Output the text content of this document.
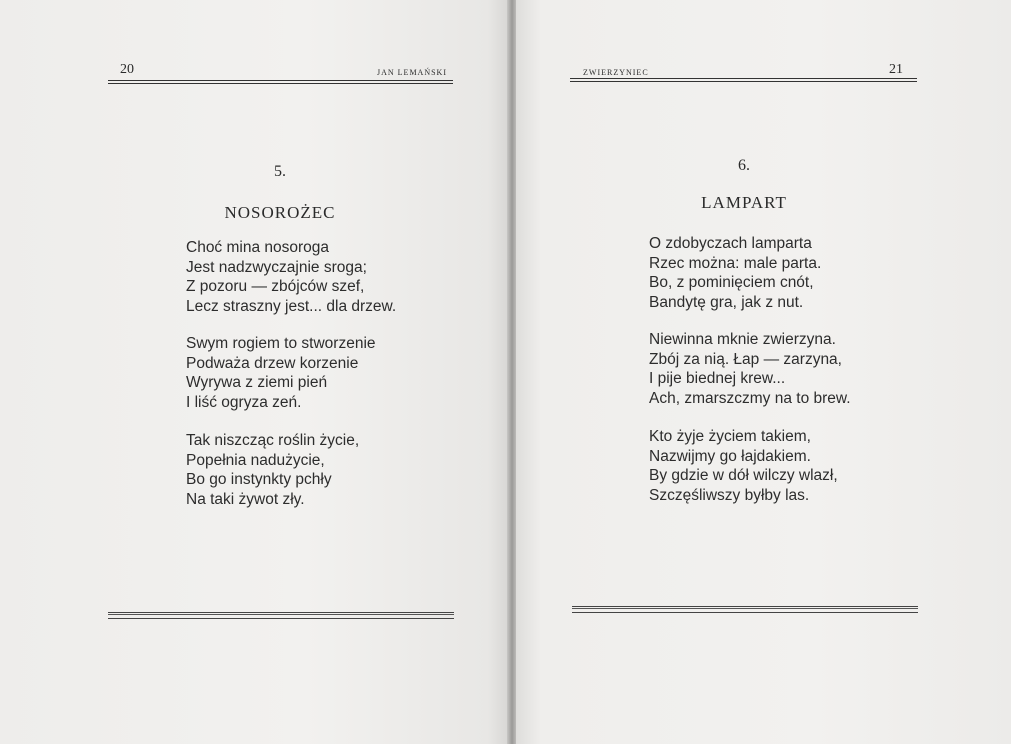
20	JAN LEMAŃSKI
5.
NOSOROŻEC
Choć mina nosoroga
Jest nadzwyczajnie sroga;
Z pozoru — zbójców szef,
Lecz straszny jest... dla drzew.
Swym rogiem to stworzenie
Podważa drzew korzenie
Wyrywa z ziemi pień
I liść ogryza zeń.
Tak niszcząc roślin życie,
Popełnia nadużycie,
Bo go instynkty pchły
Na taki żywot zły.
ZWIERZYNIEC	21
6.
LAMPART
O zdobyczach lamparta
Rzec można: male parta.
Bo, z pominięciem cnót,
Bandytę gra, jak z nut.
Niewinna mknie zwierzyna.
Zbój za nią. Łap — zarzyna,
I pije biednej krew...
Ach, zmarszczmy na to brew.
Kto żyje życiem takiem,
Nazwijmy go łajdakiem.
By gdzie w dół wilczy wlazł,
Szczęśliwszy byłby las.
